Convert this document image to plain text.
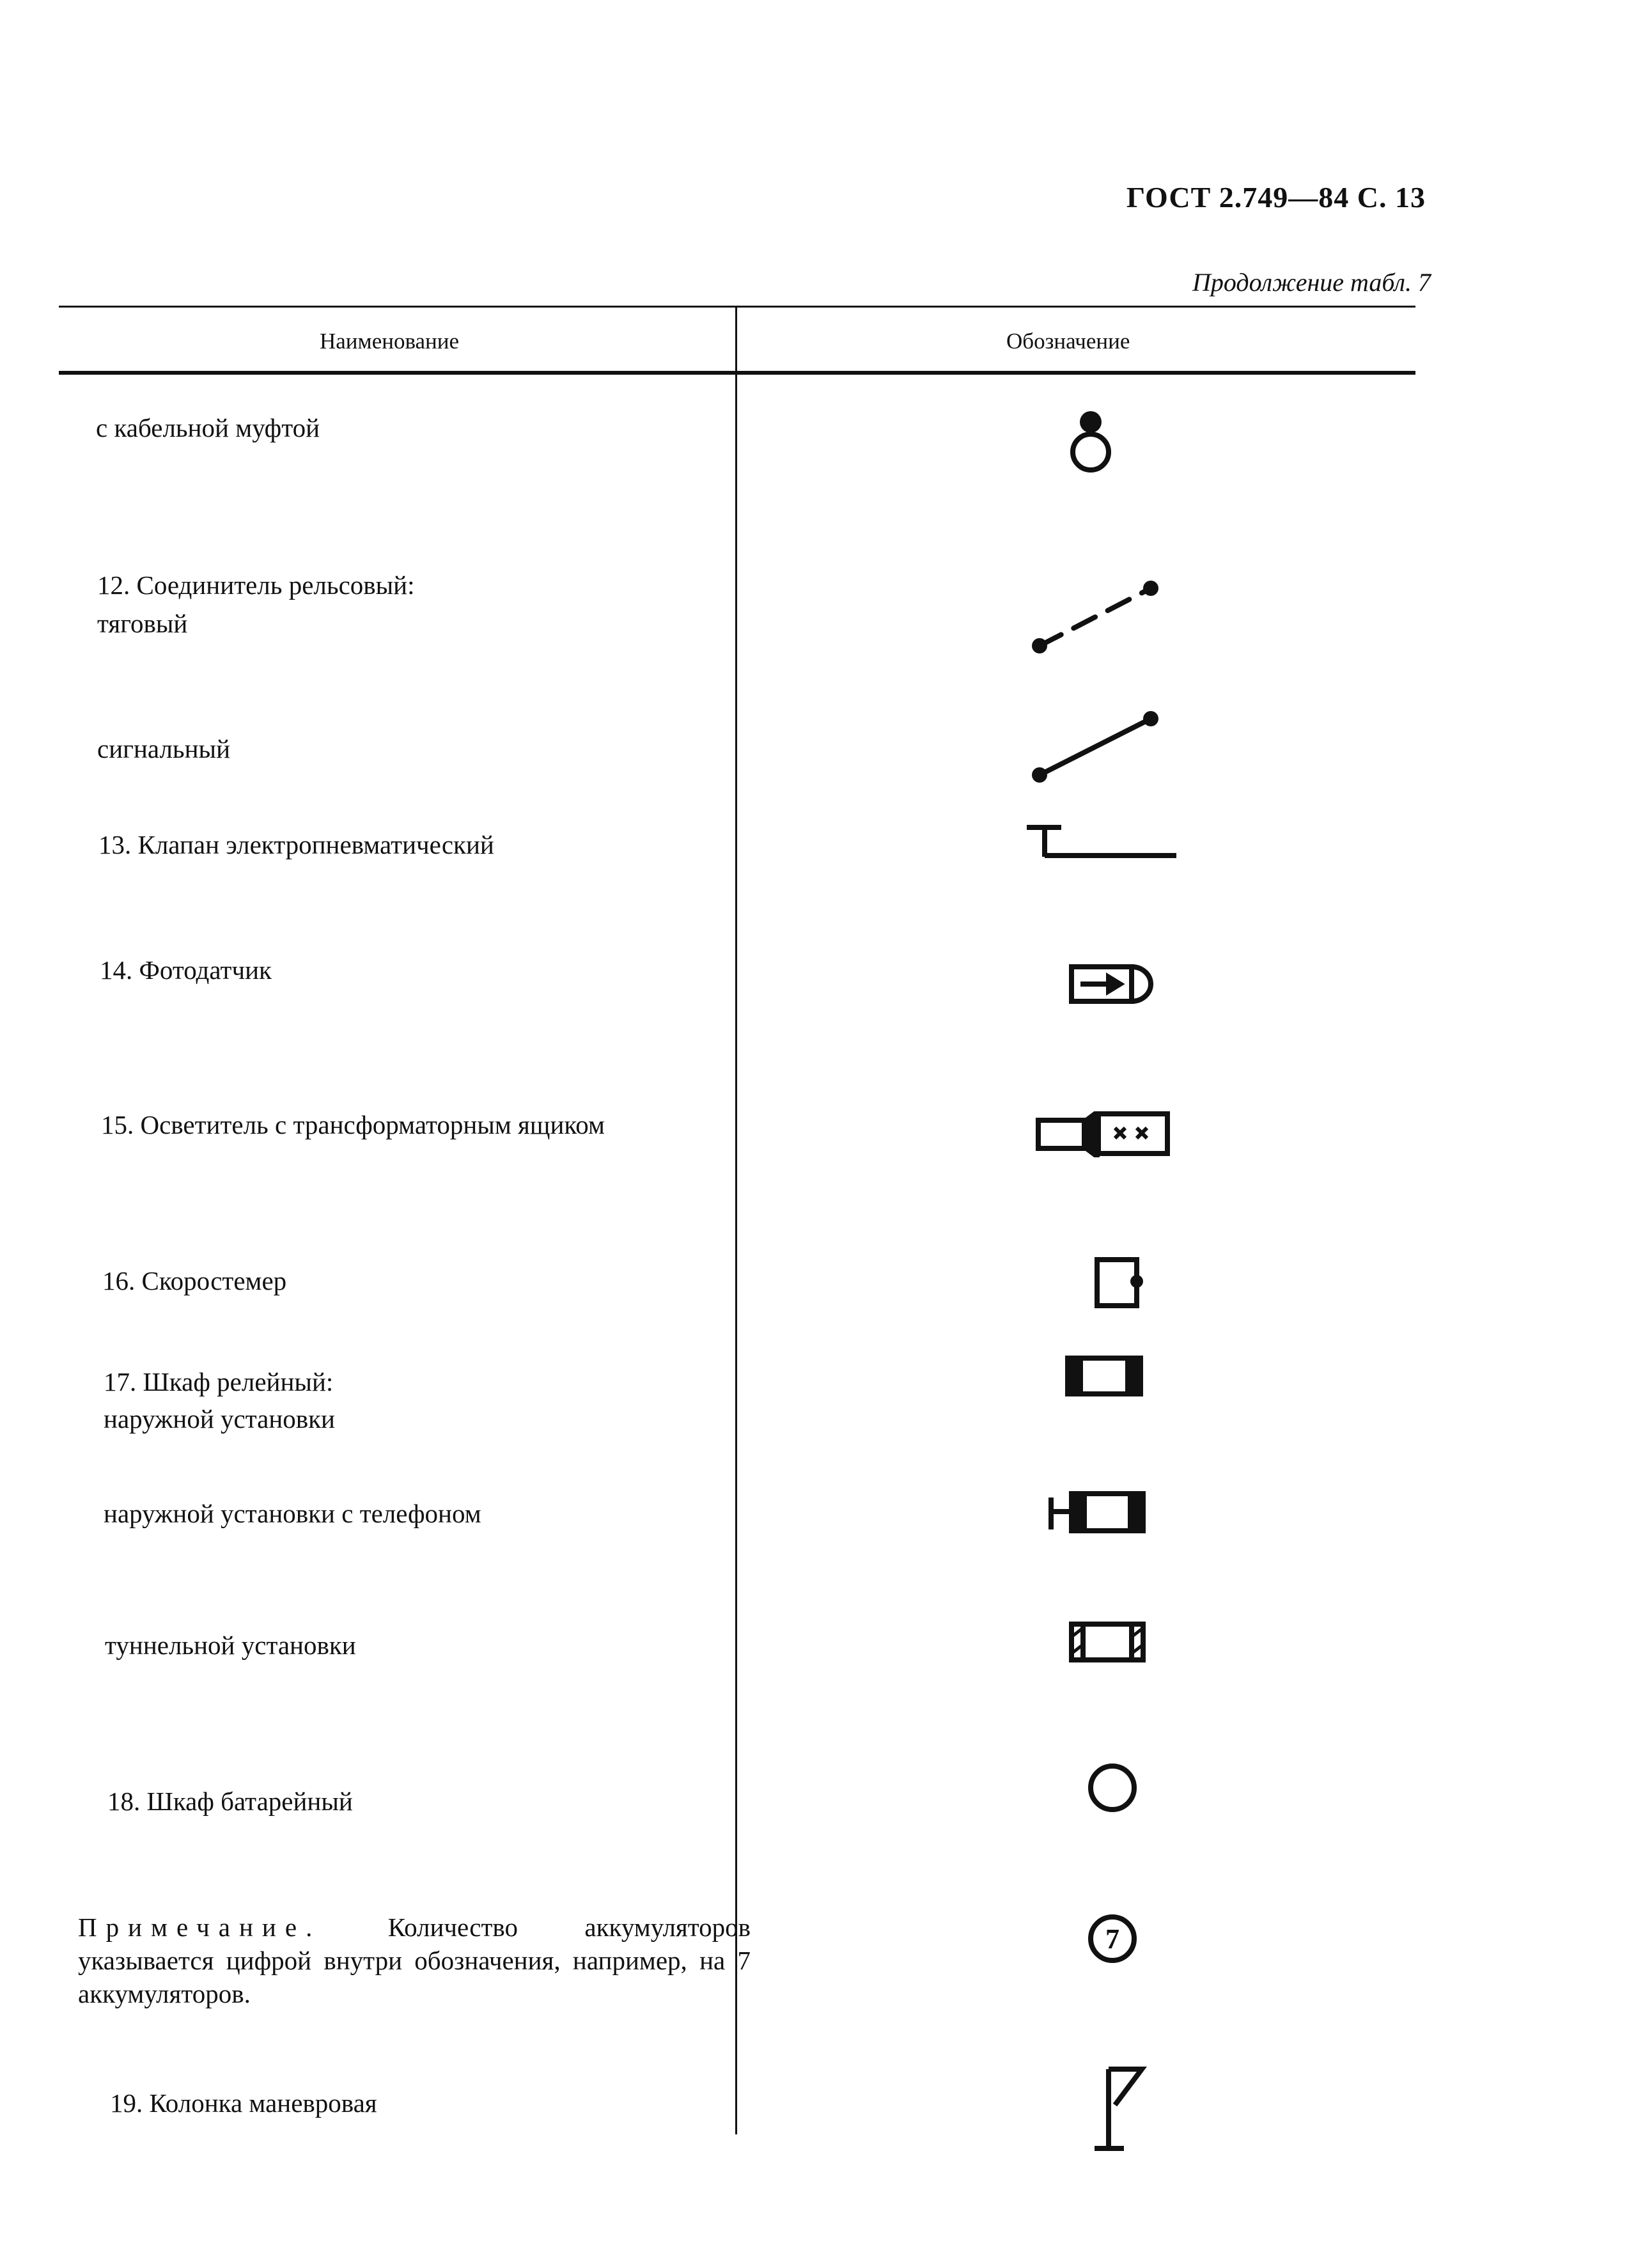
ГОСТ 2.749—84 С. 13
Продолжение табл. 7
Наименование	Обозначение
с кабельной муфтой
12. Соединитель рельсовый:
тяговый
сигнальный
13. Клапан электропневматический
14. Фотодатчик
15. Осветитель с трансформаторным ящиком
16. Скоростемер
17. Шкаф релейный:
наружной установки
наружной установки с телефоном
туннельной установки
18. Шкаф батарейный
19. Колонка маневровая
Примечание. Количество аккумуляторов указывается цифрой внутри обозначения, например, на 7 аккумуляторов.
7
